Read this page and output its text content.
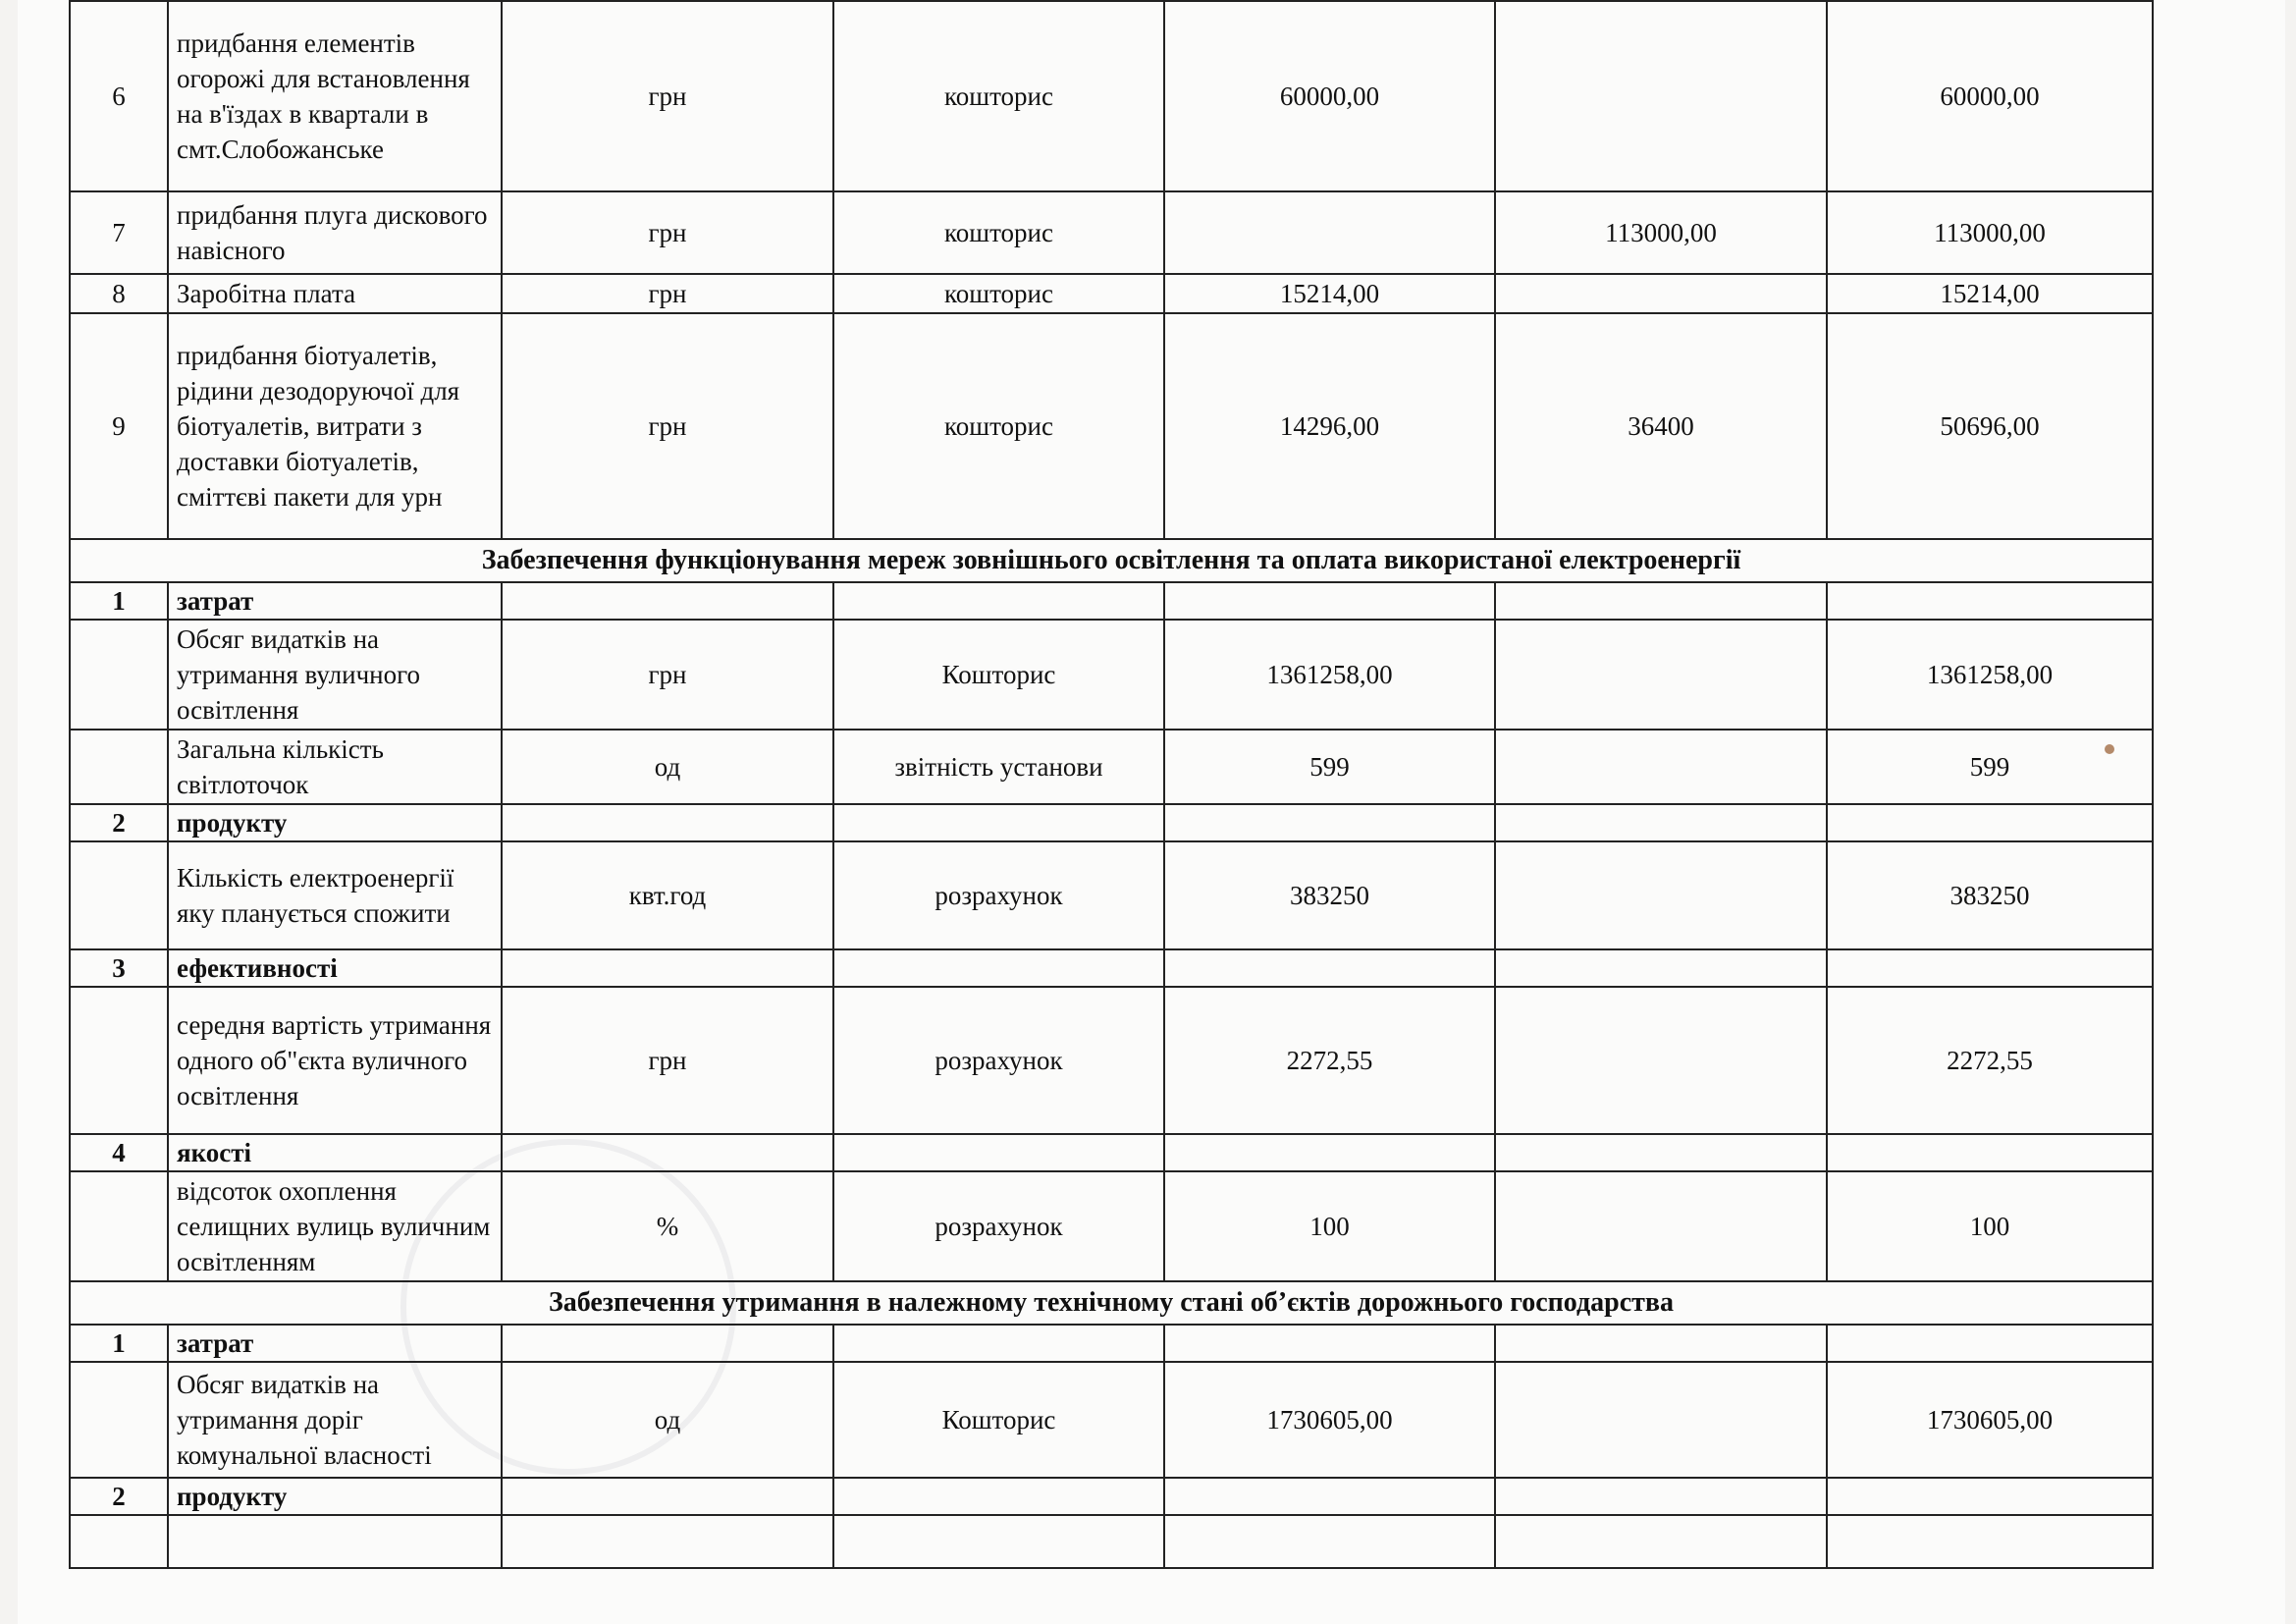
6	придбання елементів огорожі для встановлення на в'їздах в квартали в смт.Слобожанське	грн	кошторис	60000,00		60000,00
7	придбання плуга дискового навісного	грн	кошторис		113000,00	113000,00
8	Заробітна плата	грн	кошторис	15214,00		15214,00
9	придбання біотуалетів, рідини дезодоруючої для біотуалетів, витрати з доставки біотуалетів, сміттєві пакети для урн	грн	кошторис	14296,00	36400	50696,00
Забезпечення функціонування мереж зовнішнього освітлення та оплата використаної електроенергії						
1	затрат					
	Обсяг видатків на утримання вуличного освітлення	грн	Кошторис	1361258,00		1361258,00
	Загальна кількість світлоточок	од	звітність установи	599		599
2	продукту					
	Кількість електроенергії яку планується спожити	квт.год	розрахунок	383250		383250
3	ефективності					
	середня вартість утримання одного об"єкта вуличного освітлення	грн	розрахунок	2272,55		2272,55
4	якості					
	відсоток охоплення селищних вулиць вуличним освітленням	%	розрахунок	100		100
Забезпечення утримання в належному технічному стані об’єктів дорожнього господарства						
1	затрат					
	Обсяг видатків на утримання доріг комунальної власності	од	Кошторис	1730605,00		1730605,00
2	продукту					
